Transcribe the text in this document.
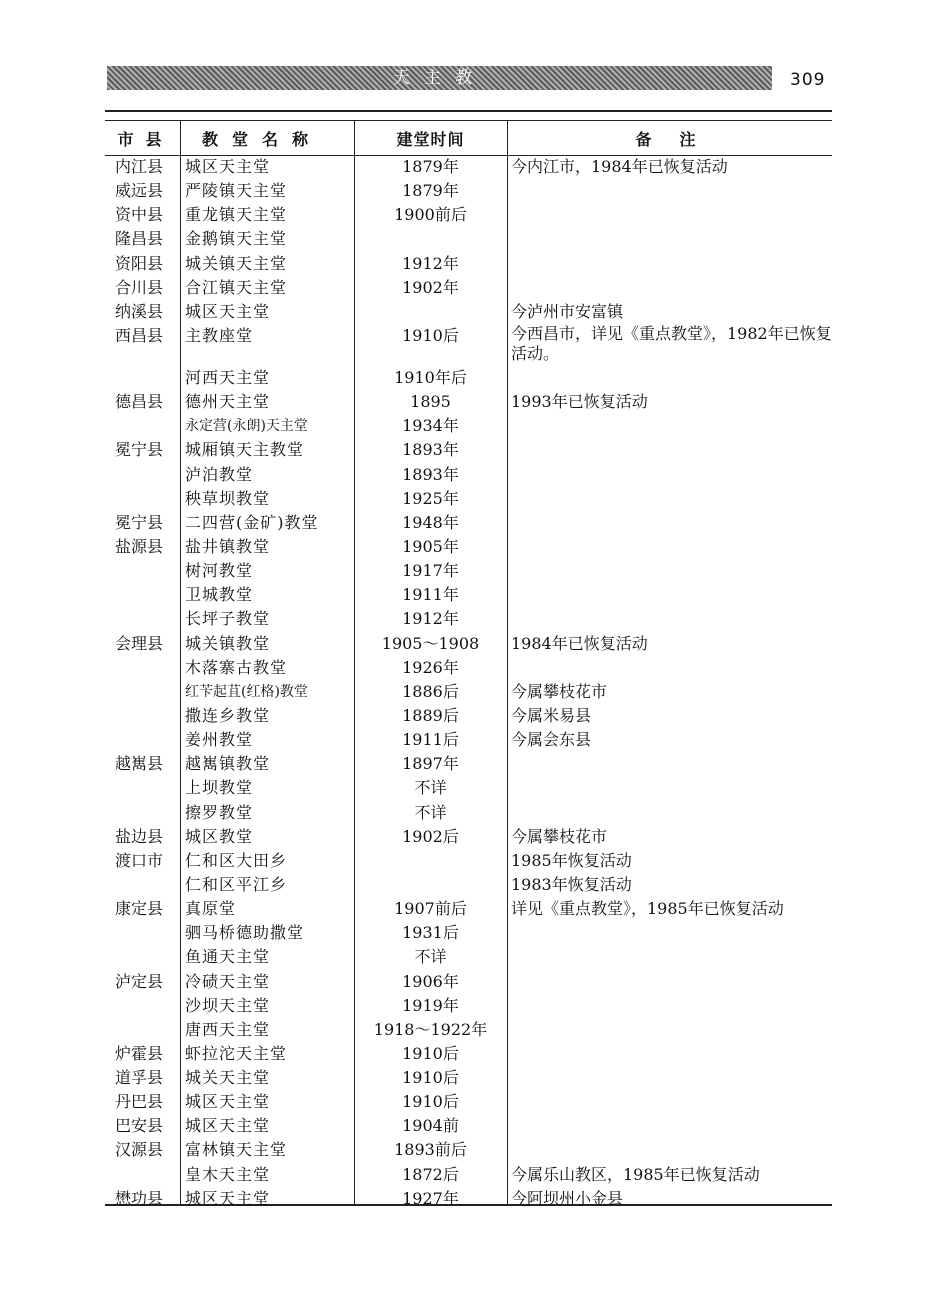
天主教	309
市县	教堂名称	建堂时间	备注
内江县	城区天主堂	1879年	今内江市，1984年已恢复活动
威远县	严陵镇天主堂	1879年	
资中县	重龙镇天主堂	1900前后	
隆昌县	金鹅镇天主堂		
资阳县	城关镇天主堂	1912年	
合川县	合江镇天主堂	1902年	
纳溪县	城区天主堂		今泸州市安富镇
西昌县	主教座堂	1910后	今西昌市，详见《重点教堂》，1982年已恢复活动。
	河西天主堂	1910年后	
德昌县	德州天主堂	1895	1993年已恢复活动
	永定营(永朗)天主堂	1934年	
冕宁县	城厢镇天主教堂	1893年	
	泸泊教堂	1893年	
	秧草坝教堂	1925年	
冕宁县	二四营(金矿)教堂	1948年	
盐源县	盐井镇教堂	1905年	
	树河教堂	1917年	
	卫城教堂	1911年	
	长坪子教堂	1912年	
会理县	城关镇教堂	1905～1908	1984年已恢复活动
	木落寨古教堂	1926年	
	红苄起苴(红格)教堂	1886后	今属攀枝花市
	撒连乡教堂	1889后	今属米易县
	姜州教堂	1911后	今属会东县
越嶲县	越嶲镇教堂	1897年	
	上坝教堂	不详	
	擦罗教堂	不详	
盐边县	城区教堂	1902后	今属攀枝花市
渡口市	仁和区大田乡		1985年恢复活动
	仁和区平江乡		1983年恢复活动
康定县	真原堂	1907前后	详见《重点教堂》，1985年已恢复活动
	驷马桥德助撒堂	1931后	
	鱼通天主堂	不详	
泸定县	冷碛天主堂	1906年	
	沙坝天主堂	1919年	
	唐西天主堂	1918～1922年	
炉霍县	虾拉沱天主堂	1910后	
道孚县	城关天主堂	1910后	
丹巴县	城区天主堂	1910后	
巴安县	城区天主堂	1904前	
汉源县	富林镇天主堂	1893前后	
	皇木天主堂	1872后	今属乐山教区，1985年已恢复活动
懋功县	城区天主堂	1927年	今阿坝州小金县
